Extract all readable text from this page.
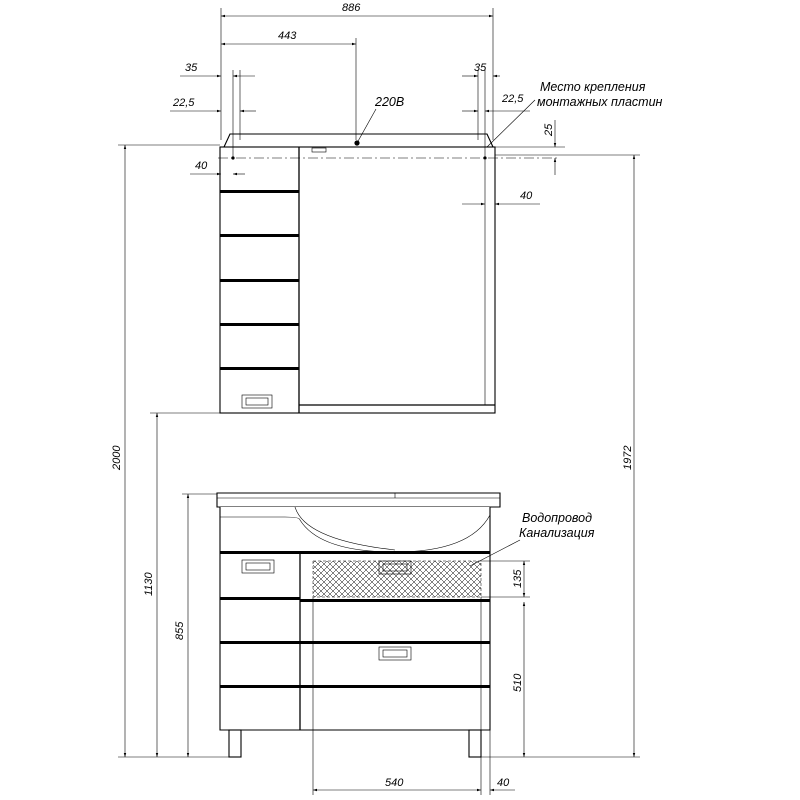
886
443
35
22,5
35
22,5
40
40
25
2000	1972
1130
855
135
510
540	40
Место крепления
монтажных пластин
220В
Водопровод
Канализация
